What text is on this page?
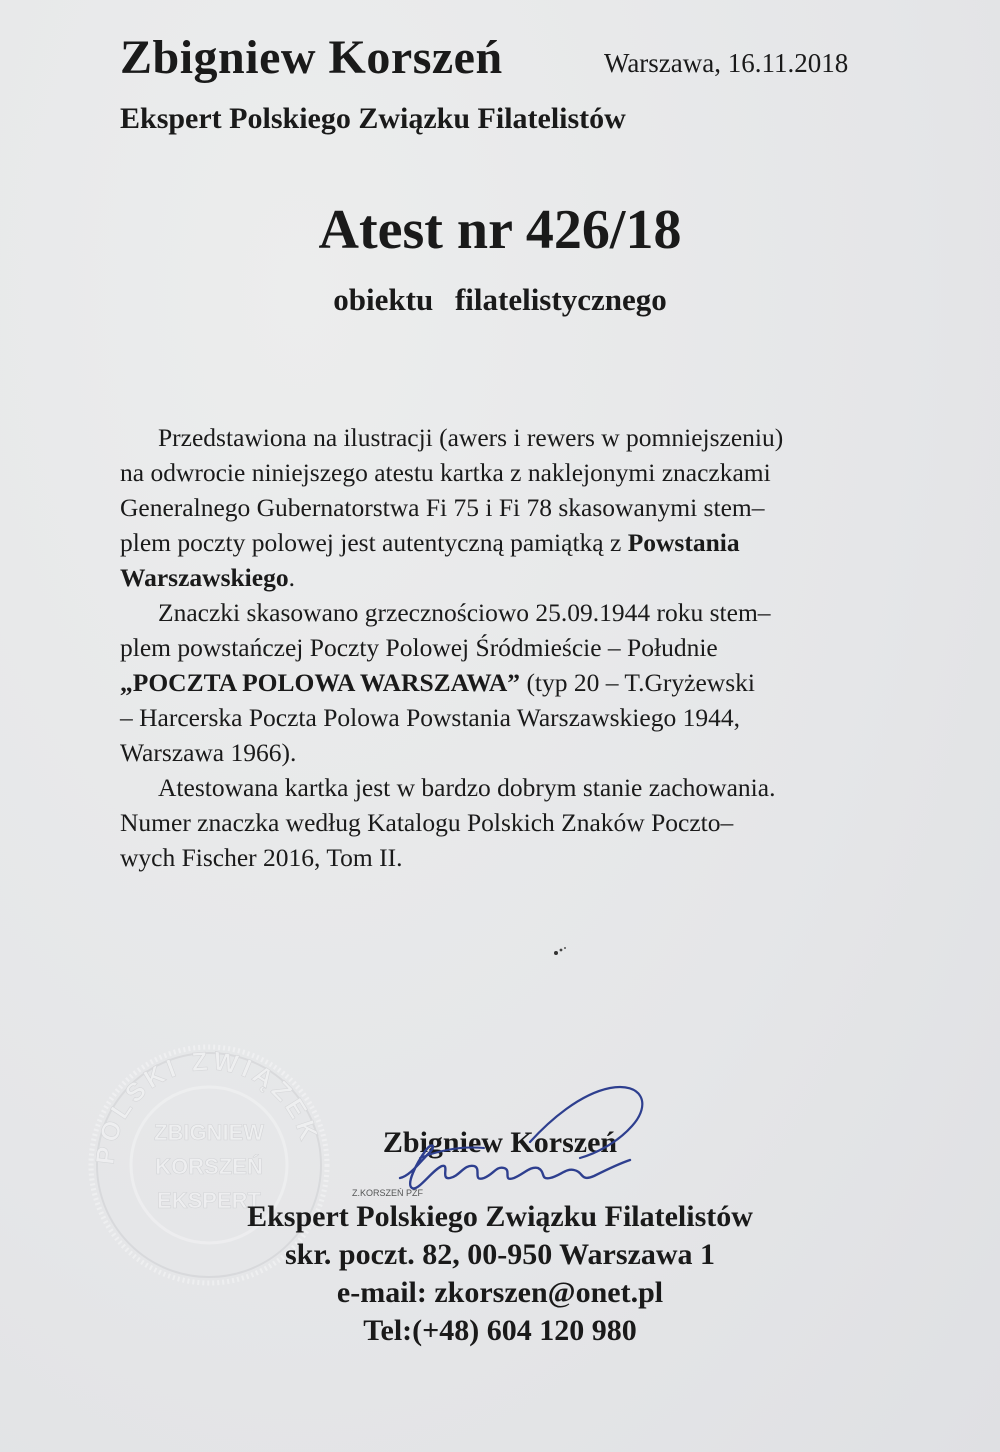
Zbigniew Korszeń	Warszawa, 16.11.2018
Ekspert Polskiego Związku Filatelistów
Atest nr 426/18
obiektu filatelistycznego
Przedstawiona na ilustracji (awers i rewers w pomniejszeniu)
na odwrocie niniejszego atestu kartka z naklejonymi znaczkami
Generalnego Gubernatorstwa Fi 75 i Fi 78 skasowanymi stem–
plem poczty polowej jest autentyczną pamiątką z Powstania
Warszawskiego.
Znaczki skasowano grzecznościowo 25.09.1944 roku stem–
plem powstańczej Poczty Polowej Śródmieście – Południe
„POCZTA POLOWA WARSZAWA” (typ 20 – T.Gryżewski
– Harcerska Poczta Polowa Powstania Warszawskiego 1944,
Warszawa 1966).
Atestowana kartka jest w bardzo dobrym stanie zachowania.
Numer znaczka według Katalogu Polskich Znaków Poczto–
wych Fischer 2016, Tom II.
POLSKI ZWIĄZEK
ZBIGNIEW
KORSZEŃ
EKSPERT
Zbigniew Korszeń
Ekspert Polskiego Związku Filatelistów
skr. poczt. 82, 00-950 Warszawa 1
e-mail: zkorszen@onet.pl
Tel:(+48) 604 120 980
Z.KORSZEŃ PZF
